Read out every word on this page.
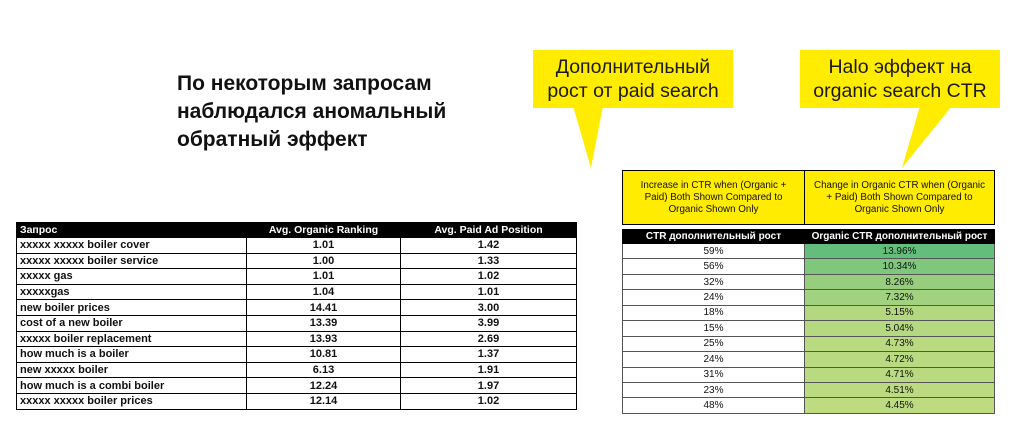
По некоторым запросам наблюдался аномальный обратный эффект
Дополнительный рост от paid search
Halo эффект на organic search CTR
Запрос	Avg. Organic Ranking	Avg. Paid Ad Position
xxxxx xxxxx boiler cover	1.01	1.42
xxxxx xxxxx boiler service	1.00	1.33
xxxxx gas	1.01	1.02
xxxxxgas	1.04	1.01
new boiler prices	14.41	3.00
cost of a new boiler	13.39	3.99
xxxxx boiler replacement	13.93	2.69
how much is a boiler	10.81	1.37
new xxxxx boiler	6.13	1.91
how much is a combi boiler	12.24	1.97
xxxxx xxxxx boiler prices	12.14	1.02
Increase in CTR when (Organic + Paid) Both Shown Compared to Organic Shown Only	Change in Organic CTR when (Organic + Paid) Both Shown Compared to Organic Shown Only

CTR дополнительный рост	Organic CTR дополнительный рост
59%	13.96%
56%	10.34%
32%	8.26%
24%	7.32%
18%	5.15%
15%	5.04%
25%	4.73%
24%	4.72%
31%	4.71%
23%	4.51%
48%	4.45%
